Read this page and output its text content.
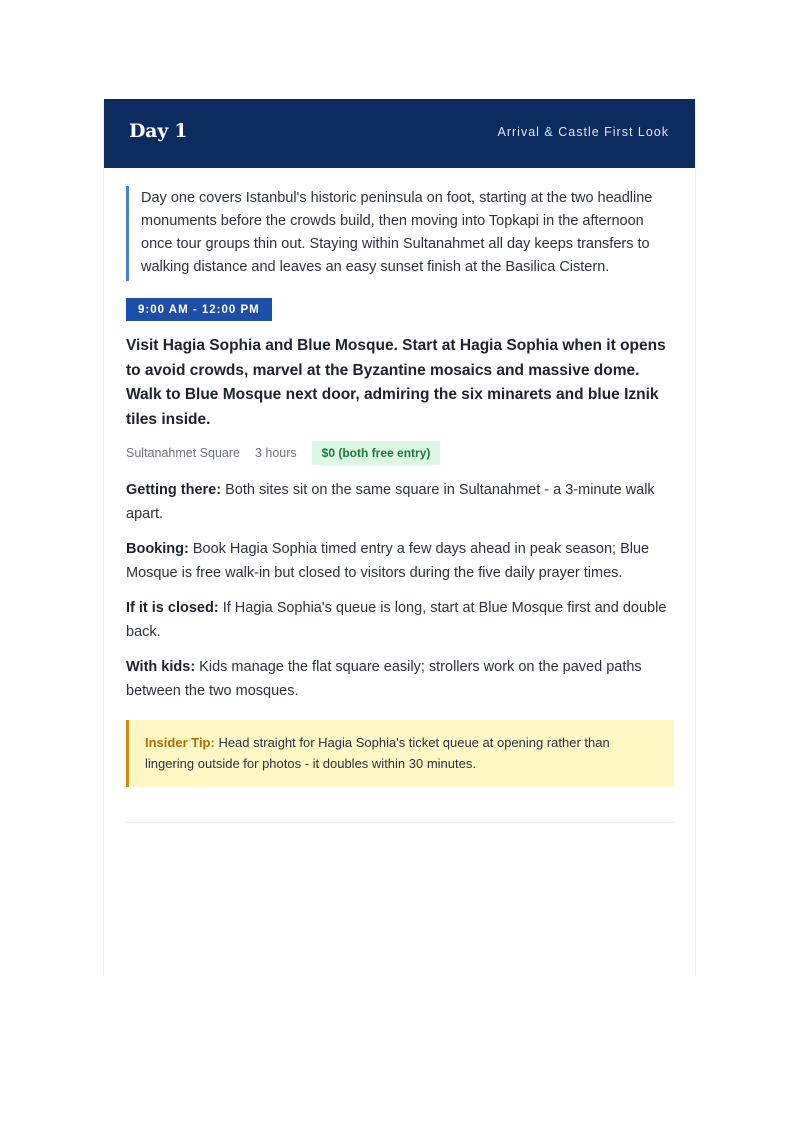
Day 1	Arrival & Castle First Look
Day one covers Istanbul's historic peninsula on foot, starting at the two headline monuments before the crowds build, then moving into Topkapi in the afternoon once tour groups thin out. Staying within Sultanahmet all day keeps transfers to walking distance and leaves an easy sunset finish at the Basilica Cistern.
9:00 AM - 12:00 PM
Visit Hagia Sophia and Blue Mosque. Start at Hagia Sophia when it opens to avoid crowds, marvel at the Byzantine mosaics and massive dome. Walk to Blue Mosque next door, admiring the six minarets and blue Iznik tiles inside.
Sultanahmet Square 3 hours	$0 (both free entry)
Getting there: Both sites sit on the same square in Sultanahmet - a 3-minute walk apart.
Booking: Book Hagia Sophia timed entry a few days ahead in peak season; Blue Mosque is free walk-in but closed to visitors during the five daily prayer times.
If it is closed: If Hagia Sophia's queue is long, start at Blue Mosque first and double back.
With kids: Kids manage the flat square easily; strollers work on the paved paths between the two mosques.
Insider Tip: Head straight for Hagia Sophia's ticket queue at opening rather than lingering outside for photos - it doubles within 30 minutes.
